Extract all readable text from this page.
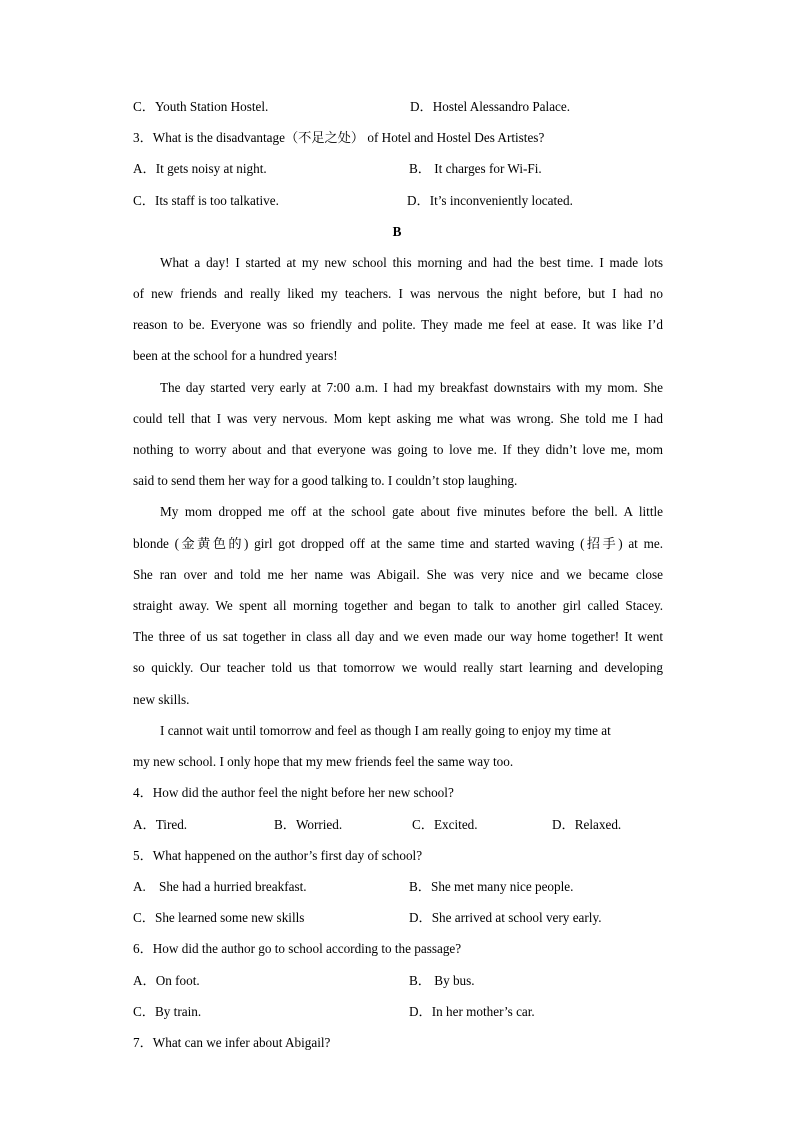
C．Youth Station Hostel.	D．Hostel Alessandro Palace.
3．What is the disadvantage（不足之处） of Hotel and Hostel Des Artistes?
A．It gets noisy at night.	B． It charges for Wi-Fi.
C．Its staff is too talkative.	D．It’s inconveniently located.
B
What a day! I started at my new school this morning and had the best time. I made lots
of new friends and really liked my teachers. I was nervous the night before, but I had no
reason to be. Everyone was so friendly and polite. They made me feel at ease. It was like I’d
been at the school for a hundred years!
The day started very early at 7:00 a.m. I had my breakfast downstairs with my mom. She
could tell that I was very nervous. Mom kept asking me what was wrong. She told me I had
nothing to worry about and that everyone was going to love me. If they didn’t love me, mom
said to send them her way for a good talking to. I couldn’t stop laughing.
My mom dropped me off at the school gate about five minutes before the bell. A little
blonde (金黄色的) girl got dropped off at the same time and started waving (招手) at me.
She ran over and told me her name was Abigail. She was very nice and we became close
straight away. We spent all morning together and began to talk to another girl called Stacey.
The three of us sat together in class all day and we even made our way home together! It went
so quickly. Our teacher told us that tomorrow we would really start learning and developing
new skills.
I cannot wait until tomorrow and feel as though I am really going to enjoy my time at
my new school. I only hope that my mew friends feel the same way too.
4．How did the author feel the night before her new school?
A．Tired.	B．Worried.	C．Excited.	D．Relaxed.
5．What happened on the author’s first day of school?
A.    She had a hurried breakfast.	B．She met many nice people.
C．She learned some new skills	D．She arrived at school very early.
6．How did the author go to school according to the passage?
A．On foot.	B． By bus.
C．By train.	D．In her mother’s car.
7．What can we infer about Abigail?
